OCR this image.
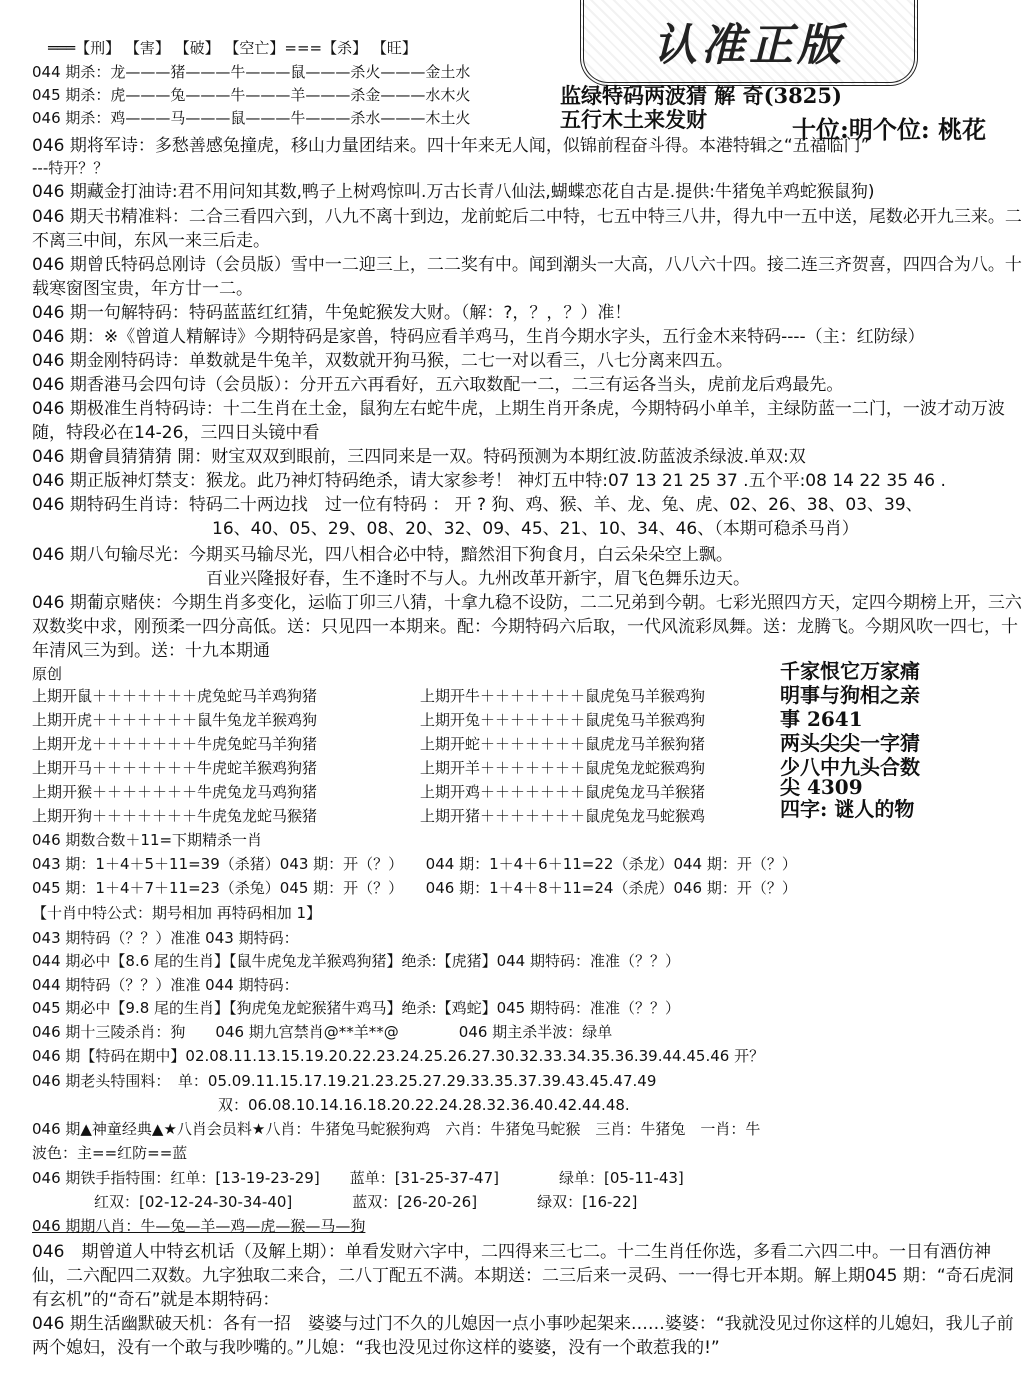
认准正版
═══【刑】 【害】 【破】 【空亡】===【杀】 【旺】
044 期杀：龙———猪———牛———鼠———杀火———金土水
045 期杀：虎———兔———牛———羊———杀金———水木火
046 期杀：鸡———马———鼠———牛———杀水———木土火
监绿特码两波猜 解 奇(3825)
五行木土来发财	十位:明个位: 桃花
046 期将军诗：多愁善感兔撞虎，移山力量团结来。四十年来无人闻，似锦前程奋斗得。本港特辑之“五福临门”
---特开？？
046 期藏金打油诗:君不用问知其数,鸭子上树鸡惊叫.万古长青八仙法,蝴蝶恋花自古是.提供:牛猪兔羊鸡蛇猴鼠狗)
046 期天书精准料：二合三看四六到，八九不离十到边，龙前蛇后二中特，七五中特三八井，得九中一五中送，尾数必开九三来。二不离三中间，东风一来三后走。
046 期曾氏特码总刚诗（会员版）雪中一二迎三上，二二奖有中。闻到潮头一大高，八八六十四。接二连三齐贺喜，四四合为八。十载寒窗图宝贵，年方廿一二。
046 期一句解特码：特码蓝蓝红红猜，牛兔蛇猴发大财。（解：?，？，？）准！
046 期：※《曾道人精解诗》今期特码是家兽，特码应看羊鸡马，生肖今期水字头，五行金木来特码----（主：红防绿）
046 期金刚特码诗：单数就是牛兔羊，双数就开狗马猴，二七一对以看三，八七分离来四五。
046 期香港马会四句诗（会员版）：分开五六再看好，五六取数配一二，二三有运各当头，虎前龙后鸡最先。
046 期极准生肖特码诗：十二生肖在土金，鼠狗左右蛇牛虎，上期生肖开条虎，今期特码小单羊，主绿防蓝一二门，一波才动万波随，特段必在14-26，三四日头镜中看
046 期會員猜猜猜 開：财宝双双到眼前，三四同来是一双。特码预测为本期红波.防蓝波杀绿波.单双:双
046 期正版神灯禁支：猴龙。此乃神灯特码绝杀，请大家参考！ 神灯五中特:07 13 21 25 37 .五个平:08 14 22 35 46 .
046 期特码生肖诗：特码二十两边找　过一位有特码 ： 开 ? 狗、鸡、猴、羊、龙、兔、虎、02、26、38、03、39、
16、40、05、29、08、20、32、09、45、21、10、34、46、（本期可稳杀马肖）
046 期八句输尽光：今期买马输尽光，四八相合必中特，黯然泪下狗食月，白云朵朵空上飘。
百业兴隆报好春，生不逢时不与人。九州改革开新宇，眉飞色舞乐边天。
046 期葡京赌侠：今期生肖多变化，运临丁卯三八猜，十拿九稳不设防，二二兄弟到今朝。七彩光照四方天，定四今期榜上开，三六双数奖中求，刚预柔一四分高低。送：只见四一本期来。配：今期特码六后取，一代风流彩凤舞。送：龙腾飞。今期风吹一四七，十年清风三为到。送：十九本期通
原创
上期开鼠＋＋＋＋＋＋＋虎兔蛇马羊鸡狗猪
上期开虎＋＋＋＋＋＋＋鼠牛兔龙羊猴鸡狗
上期开龙＋＋＋＋＋＋＋牛虎兔蛇马羊狗猪
上期开马＋＋＋＋＋＋＋牛虎蛇羊猴鸡狗猪
上期开猴＋＋＋＋＋＋＋牛虎兔龙马鸡狗猪
上期开狗＋＋＋＋＋＋＋牛虎兔龙蛇马猴猪
上期开牛＋＋＋＋＋＋＋鼠虎兔马羊猴鸡狗
上期开兔＋＋＋＋＋＋＋鼠虎兔马羊猴鸡狗
上期开蛇＋＋＋＋＋＋＋鼠虎龙马羊猴狗猪
上期开羊＋＋＋＋＋＋＋鼠虎兔龙蛇猴鸡狗
上期开鸡＋＋＋＋＋＋＋鼠虎兔龙马羊猴猪
上期开猪＋＋＋＋＋＋＋鼠虎兔龙马蛇猴鸡
千家恨它万家痛
明事与狗相之亲
事 2641
两头尖尖一字猜
少八中九头合数
尖 4309
四字: 谜人的物
046 期数合数＋11=下期精杀一肖
043 期：1＋4＋5＋11=39（杀猪）043 期：开（？）　　044 期：1＋4＋6＋11=22（杀龙）044 期：开（？）
045 期：1＋4＋7＋11=23（杀兔）045 期：开（？）　　046 期：1＋4＋8＋11=24（杀虎）046 期：开（？）
【十肖中特公式：期号相加 再特码相加 1】
043 期特码（？？）准准 043 期特码：
044 期必中【8.6 尾的生肖】【鼠牛虎兔龙羊猴鸡狗猪】绝杀:【虎猪】044 期特码：准准（？？）
044 期特码（？？）准准 044 期特码：
045 期必中【9.8 尾的生肖】【狗虎兔龙蛇猴猪牛鸡马】绝杀:【鸡蛇】045 期特码：准准（？？）
046 期十三陵杀肖：狗　　046 期九宫禁肖@**羊**@　　　　046 期主杀半波：绿单
046 期【特码在期中】02.08.11.13.15.19.20.22.23.24.25.26.27.30.32.33.34.35.36.39.44.45.46 开？
046 期老头特围料：　单：05.09.11.15.17.19.21.23.25.27.29.33.35.37.39.43.45.47.49
双：06.08.10.14.16.18.20.22.24.28.32.36.40.42.44.48.
046 期▲神童经典▲★八肖会员料★八肖：牛猪兔马蛇猴狗鸡　六肖：牛猪兔马蛇猴　三肖：牛猪兔　一肖：牛
波色：主==红防==蓝
046 期铁手指特围：红单：[13-19-23-29]　　蓝单：[31-25-37-47]　　　　绿单：[05-11-43]
红双：[02-12-24-30-34-40]　　　　蓝双：[26-20-26]　　　　绿双：[16-22]
046 期期八肖：牛—兔—羊—鸡—虎—猴—马—狗
046　期曾道人中特玄机话（及解上期）：单看发财六字中，二四得来三七二。十二生肖任你选，多看二六四二中。一日有酒仿神仙，二六配四二双数。九字独取二来合，二八丁配五不满。本期送：二三后来一灵码、一一得七开本期。解上期045 期：“奇石虎洞有玄机”的“奇石”就是本期特码：
046 期生活幽默破天机：各有一招　婆婆与过门不久的儿媳因一点小事吵起架来……婆婆：“我就没见过你这样的儿媳妇，我儿子前两个媳妇，没有一个敢与我吵嘴的。”儿媳：“我也没见过你这样的婆婆，没有一个敢惹我的!”
